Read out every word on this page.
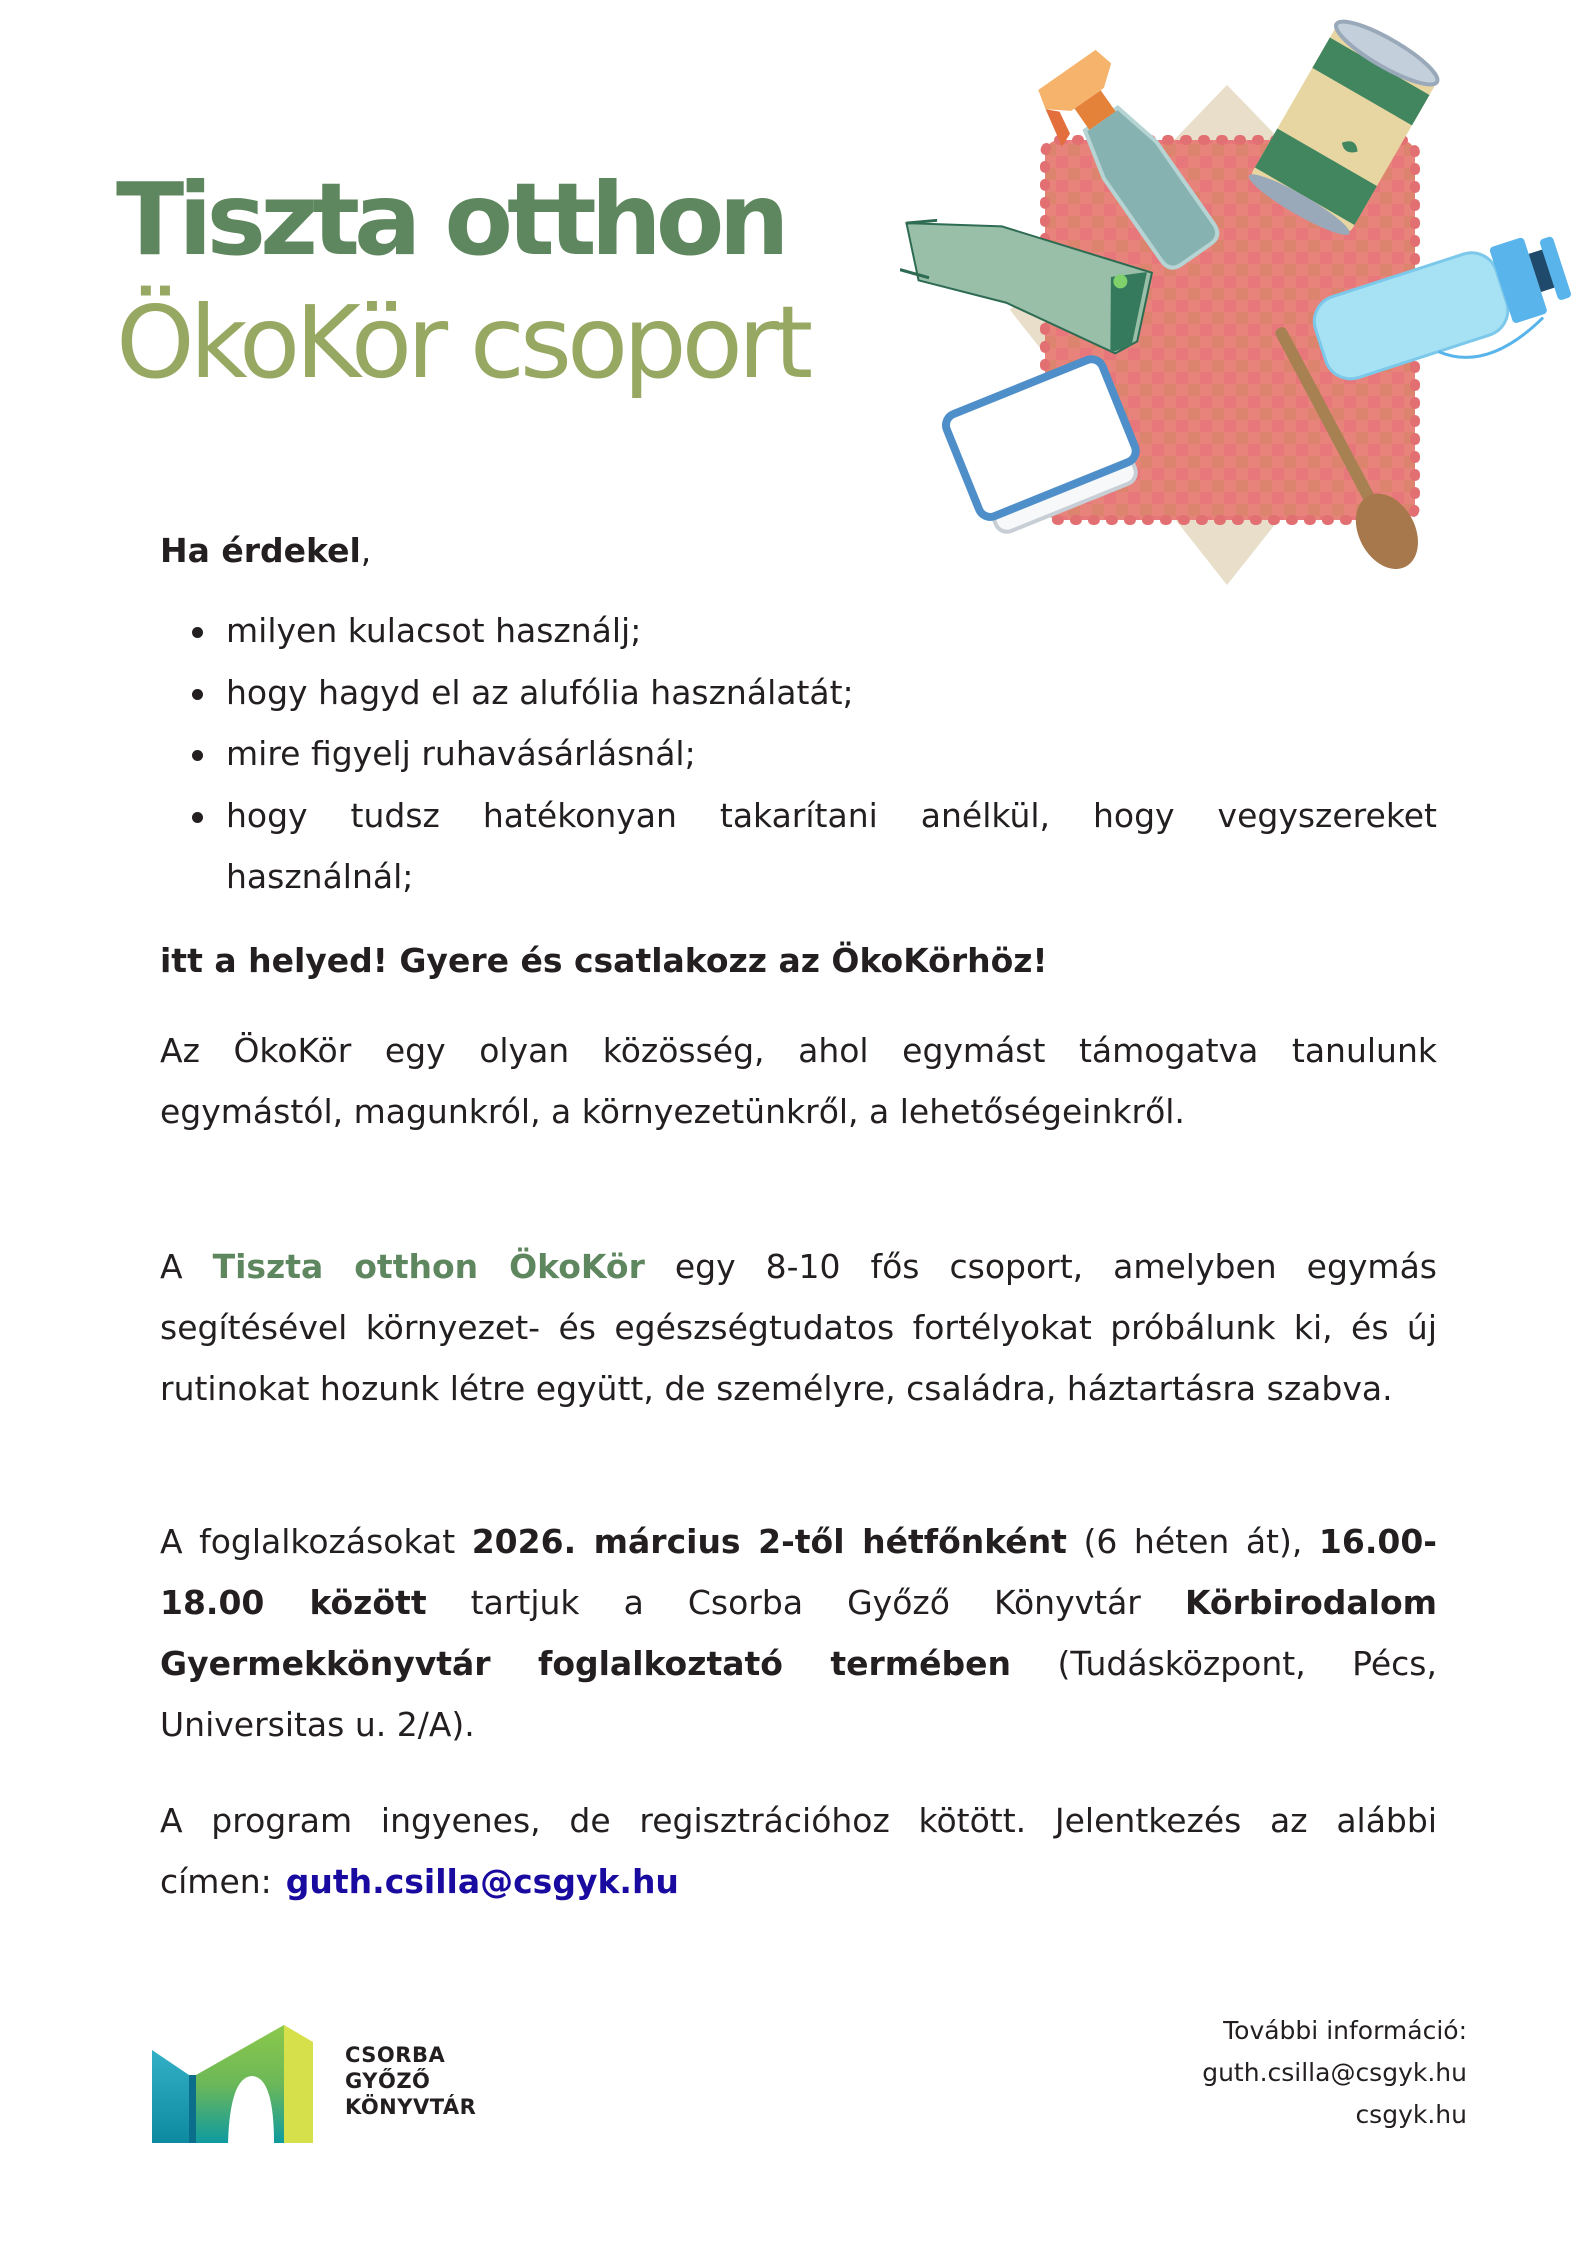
Tiszta otthon
ÖkoKör csoport

Ha érdekel,

milyen kulacsot használj;
hogy hagyd el az alufólia használatát;
mire figyelj ruhavásárlásnál;
hogy tudsz hatékonyan takarítani anélkül, hogy vegyszereket használnál;

itt a helyed! Gyere és csatlakozz az ÖkoKörhöz!

Az ÖkoKör egy olyan közösség, ahol egymást támogatva tanulunk egymástól, magunkról, a környezetünkről, a lehetőségeinkről.

A Tiszta otthon ÖkoKör egy 8-10 fős csoport, amelyben egymás segítésével környezet- és egészségtudatos fortélyokat próbálunk ki, és új rutinokat hozunk létre együtt, de személyre, családra, háztartásra szabva.

A foglalkozásokat 2026. március 2-től hétfőnként (6 héten át), 16.00-18.00 között tartjuk a Csorba Győző Könyvtár Körbirodalom Gyermekkönyvtár foglalkoztató termében (Tudásközpont, Pécs, Universitas u. 2/A).

A program ingyenes, de regisztrációhoz kötött. Jelentkezés az alábbi címen: guth.csilla@csgyk.hu

CSORBA
GYŐZŐ
KÖNYVTÁR
További információ:
guth.csilla@csgyk.hu
csgyk.hu
